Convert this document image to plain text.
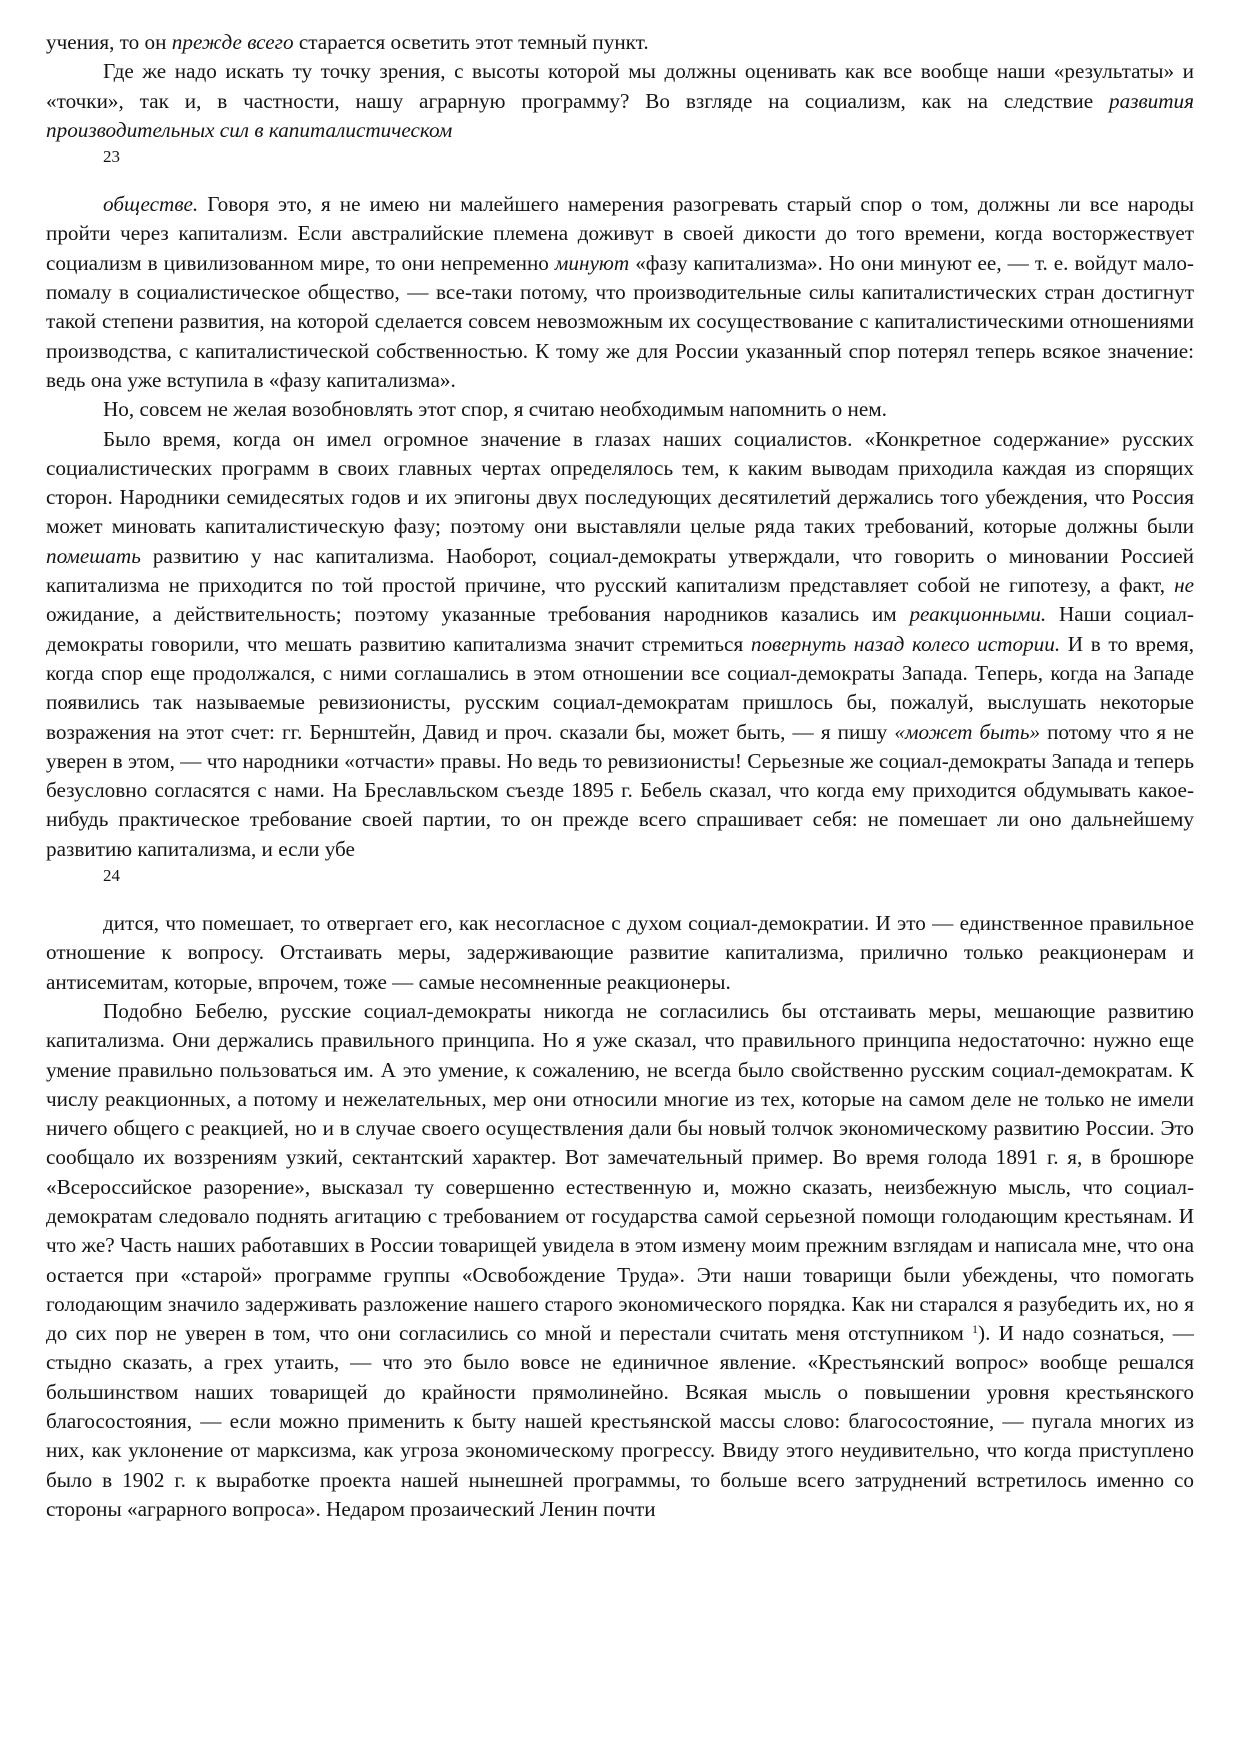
учения, то он прежде всего старается осветить этот темный пункт.

Где же надо искать ту точку зрения, с высоты которой мы должны оценивать как все вообще наши «результаты» и «точки», так и, в частности, нашу аграрную программу? Во взгляде на социализм, как на следствие развития производительных сил в капиталистическом

23

обществе. Говоря это, я не имею ни малейшего намерения разогревать старый спор о том, должны ли все народы пройти через капитализм. Если австралийские племена доживут в своей дикости до того времени, когда восторжествует социализм в цивилизованном мире, то они непременно минуют «фазу капитализма». Но они минуют ее, — т. е. войдут мало-помалу в социалистическое общество, — все-таки потому, что производительные силы капиталистических стран достигнут такой степени развития, на которой сделается совсем невозможным их сосуществование с капиталистическими отношениями производства, с капиталистической собственностью. К тому же для России указанный спор потерял теперь всякое значение: ведь она уже вступила в «фазу капитализма».

Но, совсем не желая возобновлять этот спор, я считаю необходимым напомнить о нем.

Было время, когда он имел огромное значение в глазах наших социалистов. «Конкретное содержание» русских социалистических программ в своих главных чертах определялось тем, к каким выводам приходила каждая из спорящих сторон. Народники семидесятых годов и их эпигоны двух последующих десятилетий держались того убеждения, что Россия может миновать капиталистическую фазу; поэтому они выставляли целые ряда таких требований, которые должны были помешать развитию у нас капитализма. Наоборот, социал-демократы утверждали, что говорить о миновании Россией капитализма не приходится по той простой причине, что русский капитализм представляет собой не гипотезу, а факт, не ожидание, а действительность; поэтому указанные требования народников казались им реакционными. Наши социал-демократы говорили, что мешать развитию капитализма значит стремиться повернуть назад колесо истории. И в то время, когда спор еще продолжался, с ними соглашались в этом отношении все социал-демократы Запада. Теперь, когда на Западе появились так называемые ревизионисты, русским социал-демократам пришлось бы, пожалуй, выслушать некоторые возражения на этот счет: гг. Бернштейн, Давид и проч. сказали бы, может быть, — я пишу «может быть» потому что я не уверен в этом, — что народники «отчасти» правы. Но ведь то ревизионисты! Серьезные же социал-демократы Запада и теперь безусловно согласятся с нами. На Бреславльском съезде 1895 г. Бебель сказал, что когда ему приходится обдумывать какое-нибудь практическое требование своей партии, то он прежде всего спрашивает себя: не помешает ли оно дальнейшему развитию капитализма, и если убе

24

дится, что помешает, то отвергает его, как несогласное с духом социал-демократии. И это — единственное правильное отношение к вопросу. Отстаивать меры, задерживающие развитие капитализма, прилично только реакционерам и антисемитам, которые, впрочем, тоже — самые несомненные реакционеры.

Подобно Бебелю, русские социал-демократы никогда не согласились бы отстаивать меры, мешающие развитию капитализма. Они держались правильного принципа. Но я уже сказал, что правильного принципа недостаточно: нужно еще умение правильно пользоваться им. А это умение, к сожалению, не всегда было свойственно русским социал-демократам. К числу реакционных, а потому и нежелательных, мер они относили многие из тех, которые на самом деле не только не имели ничего общего с реакцией, но и в случае своего осуществления дали бы новый толчок экономическому развитию России. Это сообщало их воззрениям узкий, сектантский характер. Вот замечательный пример. Во время голода 1891 г. я, в брошюре «Всероссийское разорение», высказал ту совершенно естественную и, можно сказать, неизбежную мысль, что социал-демократам следовало поднять агитацию с требованием от государства самой серьезной помощи голодающим крестьянам. И что же? Часть наших работавших в России товарищей увидела в этом измену моим прежним взглядам и написала мне, что она остается при «старой» программе группы «Освобождение Труда». Эти наши товарищи были убеждены, что помогать голодающим значило задерживать разложение нашего старого экономического порядка. Как ни старался я разубедить их, но я до сих пор не уверен в том, что они согласились со мной и перестали считать меня отступником $^1$). И надо сознаться, — стыдно сказать, а грех утаить, — что это было вовсе не единичное явление. «Крестьянский вопрос» вообще решался большинством наших товарищей до крайности прямолинейно. Всякая мысль о повышении уровня крестьянского благосостояния, — если можно применить к быту нашей крестьянской массы слово: благосостояние, — пугала многих из них, как уклонение от марксизма, как угроза экономическому прогрессу. Ввиду этого неудивительно, что когда приступлено было в 1902 г. к выработке проекта нашей нынешней программы, то больше всего затруднений встретилось именно со стороны «аграрного вопроса». Недаром прозаический Ленин почти
